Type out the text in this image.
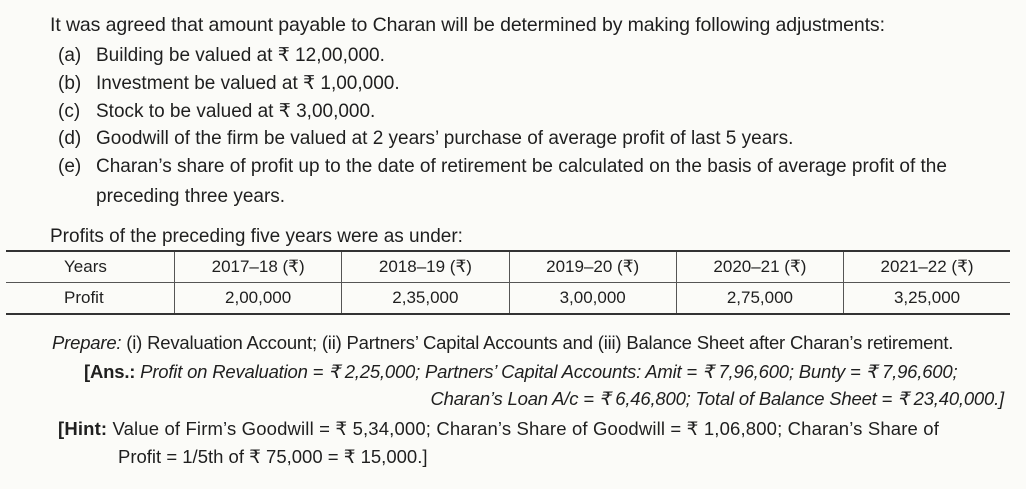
It was agreed that amount payable to Charan will be determined by making following adjustments:
(a) Building be valued at ₹ 12,00,000.
(b) Investment be valued at ₹ 1,00,000.
(c) Stock to be valued at ₹ 3,00,000.
(d) Goodwill of the firm be valued at 2 years’ purchase of average profit of last 5 years.
(e) Charan’s share of profit up to the date of retirement be calculated on the basis of average profit of the
preceding three years.
Profits of the preceding five years were as under:
Years	2017–18 (₹)	2018–19 (₹)	2019–20 (₹)	2020–21 (₹)	2021–22 (₹)
Profit	2,00,000	2,35,000	3,00,000	2,75,000	3,25,000
Prepare: (i) Revaluation Account; (ii) Partners’ Capital Accounts and (iii) Balance Sheet after Charan’s retirement.
[Ans.: Profit on Revaluation = ₹ 2,25,000; Partners’ Capital Accounts: Amit = ₹ 7,96,600; Bunty = ₹ 7,96,600;
Charan’s Loan A/c = ₹ 6,46,800; Total of Balance Sheet = ₹ 23,40,000.]
[Hint: Value of Firm’s Goodwill = ₹ 5,34,000; Charan’s Share of Goodwill = ₹ 1,06,800; Charan’s Share of
Profit = 1/5th of ₹ 75,000 = ₹ 15,000.]
